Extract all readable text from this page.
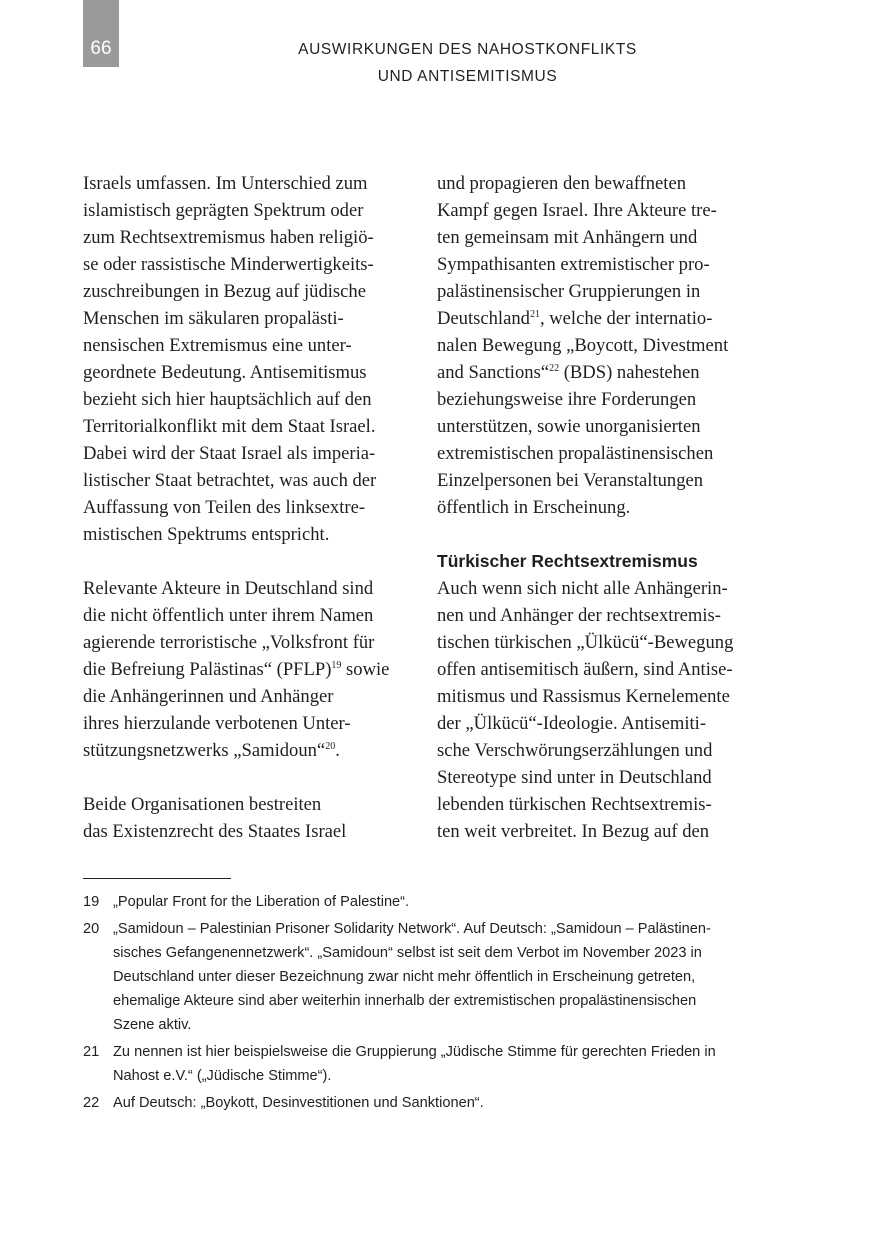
66	AUSWIRKUNGEN DES NAHOSTKONFLIKTS
UND ANTISEMITISMUS
Israels umfassen. Im Unterschied zum
islamistisch geprägten Spektrum oder
zum Rechtsextremismus haben religiö-
se oder rassistische Minderwertigkeits-
zuschreibungen in Bezug auf jüdische
Menschen im säkularen propalästi-
nensischen Extremismus eine unter-
geordnete Bedeutung. Antisemitismus
bezieht sich hier hauptsächlich auf den
Territorialkonflikt mit dem Staat Israel.
Dabei wird der Staat Israel als imperia-
listischer Staat betrachtet, was auch der
Auffassung von Teilen des linksextre-
mistischen Spektrums entspricht.
Relevante Akteure in Deutschland sind
die nicht öffentlich unter ihrem Namen
agierende terroristische „Volksfront für
die Befreiung Palästinas“ (PFLP)$^{19}$ sowie
die Anhängerinnen und Anhänger
ihres hierzulande verbotenen Unter-
stützungsnetzwerks „Samidoun“$^{20}$.
Beide Organisationen bestreiten
das Existenzrecht des Staates Israel
und propagieren den bewaffneten
Kampf gegen Israel. Ihre Akteure tre-
ten gemeinsam mit Anhängern und
Sympathisanten extremistischer pro-
palästinensischer Gruppierungen in
Deutschland$^{21}$, welche der internatio-
nalen Bewegung „Boycott, Divestment
and Sanctions“$^{22}$ (BDS) nahestehen
beziehungsweise ihre Forderungen
unterstützen, sowie unorganisierten
extremistischen propalästinensischen
Einzelpersonen bei Veranstaltungen
öffentlich in Erscheinung.
Türkischer Rechtsextremismus
Auch wenn sich nicht alle Anhängerin-
nen und Anhänger der rechtsextremis-
tischen türkischen „Ülkücü“-Bewegung
offen antisemitisch äußern, sind Antise-
mitismus und Rassismus Kernelemente
der „Ülkücü“-Ideologie. Antisemiti-
sche Verschwörungserzählungen und
Stereotype sind unter in Deutschland
lebenden türkischen Rechtsextremis-
ten weit verbreitet. In Bezug auf den
19 „Popular Front for the Liberation of Palestine“.
20 „Samidoun – Palestinian Prisoner Solidarity Network“. Auf Deutsch: „Samidoun – Palästinen-
sisches Gefangenennetzwerk“. „Samidoun“ selbst ist seit dem Verbot im November 2023 in
Deutschland unter dieser Bezeichnung zwar nicht mehr öffentlich in Erscheinung getreten,
ehemalige Akteure sind aber weiterhin innerhalb der extremistischen propalästinensischen
Szene aktiv.
21 Zu nennen ist hier beispielsweise die Gruppierung „Jüdische Stimme für gerechten Frieden in
Nahost e.V.“ („Jüdische Stimme“).
22 Auf Deutsch: „Boykott, Desinvestitionen und Sanktionen“.
